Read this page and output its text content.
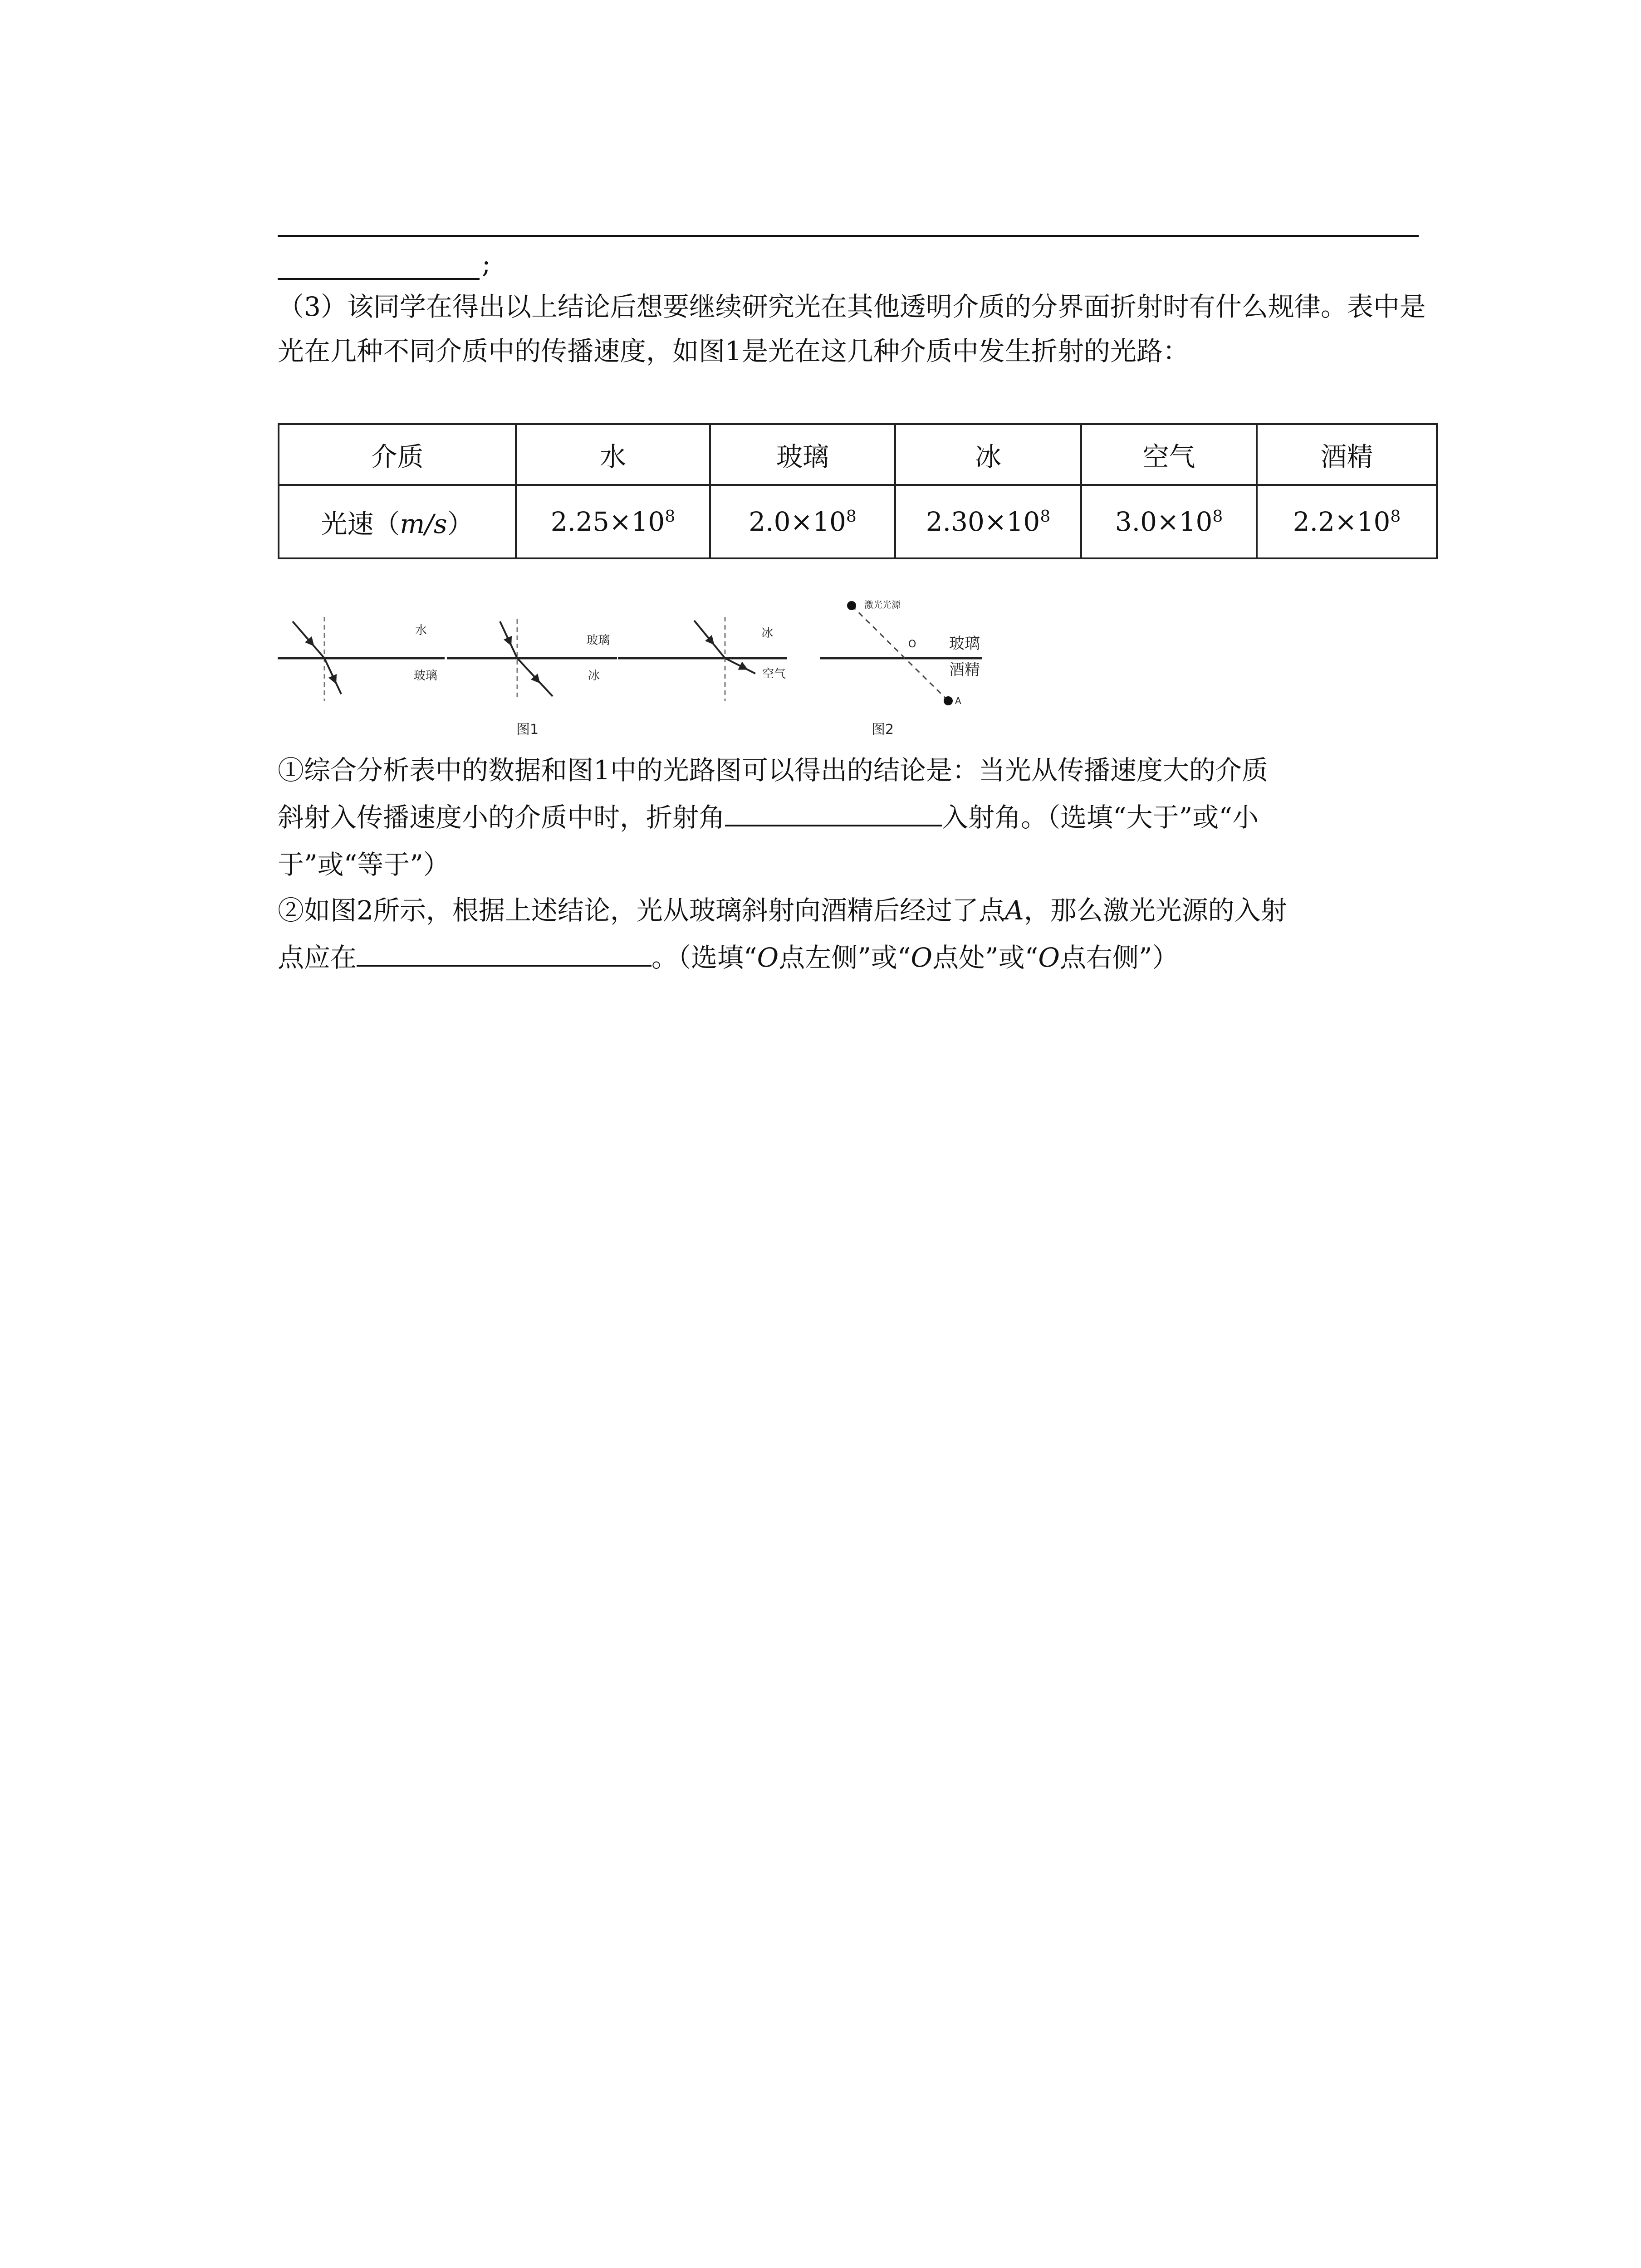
;

（3）该同学在得出以上结论后想要继续研究光在其他透明介质的分界面折射时有什么规律。表中是光在几种不同介质中的传播速度，如图1是光在这几种介质中发生折射的光路：

介质	水	玻璃	冰	空气	酒精
光速（m/s）	$2.25\times 10^8$	$2.0\times 10^8$	$2.30\times 10^8$	$3.0\times 10^8$	$2.2\times 10^8$
水
玻璃
玻璃
冰
冰
空气
图1
激光光源
O
A
玻璃
酒精
图2
①综合分析表中的数据和图1中的光路图可以得出的结论是：当光从传播速度大的介质
斜射入传播速度小的介质中时，折射角	入射角。（选填“大于”或“小
于”或“等于”）
②如图2所示，根据上述结论，光从玻璃斜射向酒精后经过了点A，那么激光光源的入射
点应在	。（选填“O点左侧”或“O点处”或“O点右侧”）
